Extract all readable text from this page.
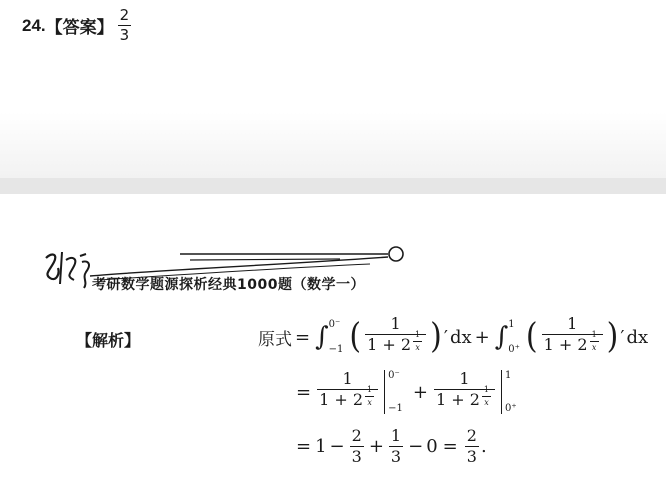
24. 【答案】 $\frac{2}{3}$
考研数学题源探析经典1000题（数学一）
【解析】	原式 = ∫ 0⁻
−1 ( $\frac{1}{1 + 2 \frac{1}{x}}$ ) ′ dx + ∫ 1
0⁺ ( $\frac{1}{1 + 2 \frac{1}{x}}$ ) ′ dx
= $\frac{1}{1 + 2 \frac{1}{x}} 0^-$
−1
+ $\frac{1}{1 + 2 \frac{1}{x}} 1$
0⁺
= $1 - \frac{2}{3} + \frac{1}{3} - 0 = \frac{2}{3}$ .
